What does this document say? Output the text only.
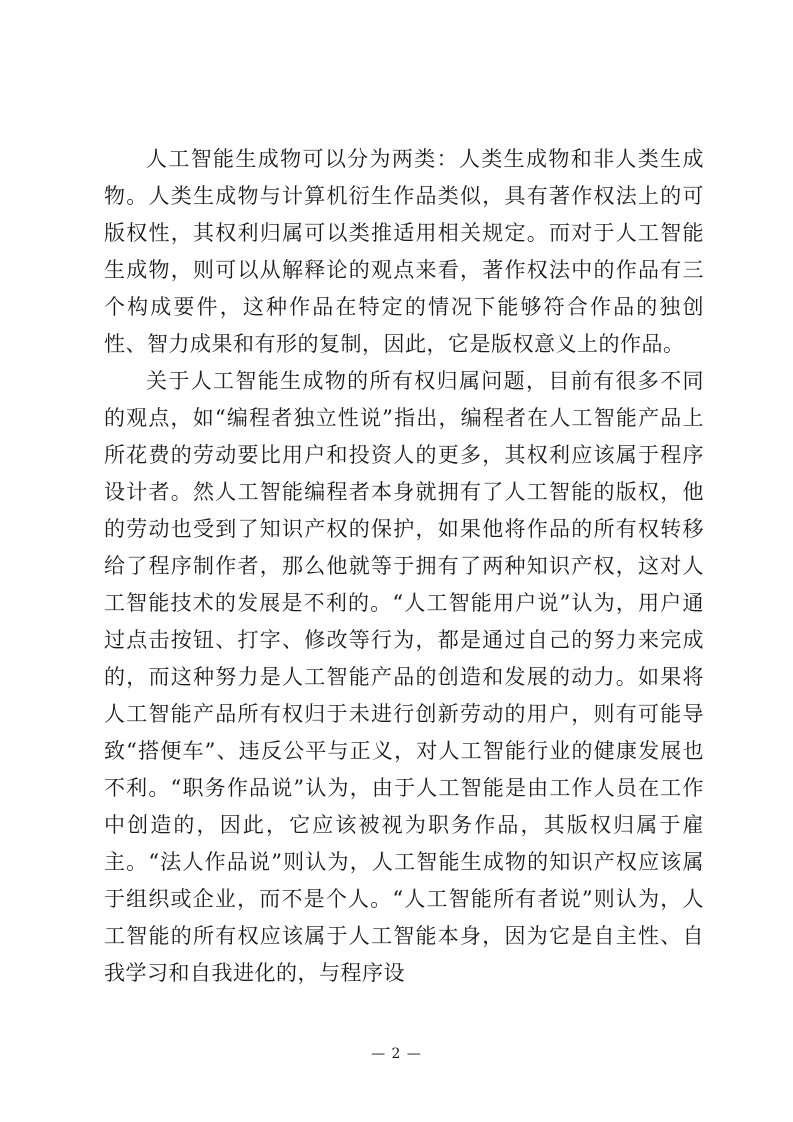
人工智能生成物可以分为两类：人类生成物和非人类生成物。人类生成物与计算机衍生作品类似，具有著作权法上的可版权性，其权利归属可以类推适用相关规定。而对于人工智能生成物，则可以从解释论的观点来看，著作权法中的作品有三个构成要件，这种作品在特定的情况下能够符合作品的独创性、智力成果和有形的复制，因此，它是版权意义上的作品。

关于人工智能生成物的所有权归属问题，目前有很多不同的观点，如“编程者独立性说”指出，编程者在人工智能产品上所花费的劳动要比用户和投资人的更多，其权利应该属于程序设计者。然人工智能编程者本身就拥有了人工智能的版权，他的劳动也受到了知识产权的保护，如果他将作品的所有权转移给了程序制作者，那么他就等于拥有了两种知识产权，这对人工智能技术的发展是不利的。“人工智能用户说”认为，用户通过点击按钮、打字、修改等行为，都是通过自己的努力来完成的，而这种努力是人工智能产品的创造和发展的动力。如果将人工智能产品所有权归于未进行创新劳动的用户，则有可能导致“搭便车”、违反公平与正义，对人工智能行业的健康发展也不利。“职务作品说”认为，由于人工智能是由工作人员在工作中创造的，因此，它应该被视为职务作品，其版权归属于雇主。“法人作品说”则认为，人工智能生成物的知识产权应该属于组织或企业，而不是个人。“人工智能所有者说”则认为，人工智能的所有权应该属于人工智能本身，因为它是自主性、自我学习和自我进化的，与程序设

— 2 —
